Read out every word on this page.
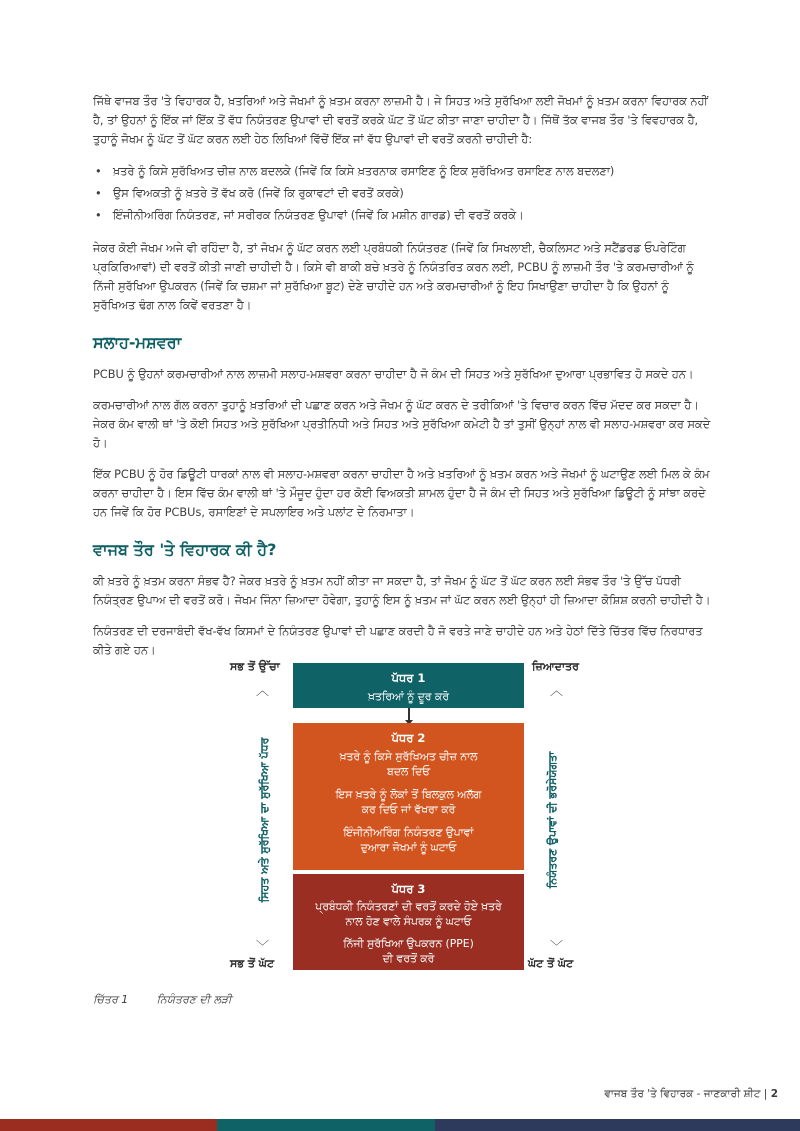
ਜਿੱਥੇ ਵਾਜਬ ਤੌਰ 'ਤੇ ਵਿਹਾਰਕ ਹੈ, ਖ਼ਤਰਿਆਂ ਅਤੇ ਜੋਖਮਾਂ ਨੂੰ ਖ਼ਤਮ ਕਰਨਾ ਲਾਜ਼ਮੀ ਹੈ। ਜੇ ਸਿਹਤ ਅਤੇ ਸੁਰੱਖਿਆ ਲਈ ਜੋਖਮਾਂ ਨੂੰ ਖ਼ਤਮ ਕਰਨਾ ਵਿਹਾਰਕ ਨਹੀਂ ਹੈ, ਤਾਂ ਉਹਨਾਂ ਨੂੰ ਇੱਕ ਜਾਂ ਇੱਕ ਤੋਂ ਵੱਧ ਨਿਯੰਤਰਣ ਉਪਾਵਾਂ ਦੀ ਵਰਤੋਂ ਕਰਕੇ ਘੱਟ ਤੋਂ ਘੱਟ ਕੀਤਾ ਜਾਣਾ ਚਾਹੀਦਾ ਹੈ। ਜਿੱਥੋਂ ਤੱਕ ਵਾਜਬ ਤੌਰ 'ਤੇ ਵਿਵਹਾਰਕ ਹੈ, ਤੁਹਾਨੂੰ ਜੋਖਮ ਨੂੰ ਘੱਟ ਤੋਂ ਘੱਟ ਕਰਨ ਲਈ ਹੇਠ ਲਿਖਿਆਂ ਵਿੱਚੋਂ ਇੱਕ ਜਾਂ ਵੱਧ ਉਪਾਵਾਂ ਦੀ ਵਰਤੋਂ ਕਰਨੀ ਚਾਹੀਦੀ ਹੈ:

• ਖ਼ਤਰੇ ਨੂੰ ਕਿਸੇ ਸੁਰੱਖਿਅਤ ਚੀਜ਼ ਨਾਲ ਬਦਲਕੇ (ਜਿਵੇਂ ਕਿ ਕਿਸੇ ਖ਼ਤਰਨਾਕ ਰਸਾਇਣ ਨੂੰ ਇਕ ਸੁਰੱਖਿਅਤ ਰਸਾਇਣ ਨਾਲ ਬਦਲਣਾ)
• ਉਸ ਵਿਅਕਤੀ ਨੂੰ ਖ਼ਤਰੇ ਤੋਂ ਵੱਖ ਕਰੋ (ਜਿਵੇਂ ਕਿ ਰੁਕਾਵਟਾਂ ਦੀ ਵਰਤੋਂ ਕਰਕੇ)
• ਇੰਜੀਨੀਅਰਿੰਗ ਨਿਯੰਤਰਣ, ਜਾਂ ਸਰੀਰਕ ਨਿਯੰਤਰਣ ਉਪਾਵਾਂ (ਜਿਵੇਂ ਕਿ ਮਸ਼ੀਨ ਗਾਰਡ) ਦੀ ਵਰਤੋਂ ਕਰਕੇ।

ਜੇਕਰ ਕੋਈ ਜੋਖਮ ਅਜੇ ਵੀ ਰਹਿੰਦਾ ਹੈ, ਤਾਂ ਜੋਖਮ ਨੂੰ ਘੱਟ ਕਰਨ ਲਈ ਪ੍ਰਬੰਧਕੀ ਨਿਯੰਤਰਣ (ਜਿਵੇਂ ਕਿ ਸਿਖਲਾਈ, ਚੈਕਲਿਸਟ ਅਤੇ ਸਟੈਂਡਰਡ ਓਪਰੇਟਿੰਗ ਪ੍ਰਕਿਰਿਆਵਾਂ) ਦੀ ਵਰਤੋਂ ਕੀਤੀ ਜਾਣੀ ਚਾਹੀਦੀ ਹੈ। ਕਿਸੇ ਵੀ ਬਾਕੀ ਬਚੇ ਖ਼ਤਰੇ ਨੂੰ ਨਿਯੰਤਰਿਤ ਕਰਨ ਲਈ, PCBU ਨੂੰ ਲਾਜ਼ਮੀ ਤੌਰ 'ਤੇ ਕਰਮਚਾਰੀਆਂ ਨੂੰ ਨਿੱਜੀ ਸੁਰੱਖਿਆ ਉਪਕਰਨ (ਜਿਵੇਂ ਕਿ ਚਸ਼ਮਾ ਜਾਂ ਸੁਰੱਖਿਆ ਬੂਟ) ਦੇਣੇ ਚਾਹੀਦੇ ਹਨ ਅਤੇ ਕਰਮਚਾਰੀਆਂ ਨੂੰ ਇਹ ਸਿਖਾਉਣਾ ਚਾਹੀਦਾ ਹੈ ਕਿ ਉਹਨਾਂ ਨੂੰ ਸੁਰੱਖਿਅਤ ਢੰਗ ਨਾਲ ਕਿਵੇਂ ਵਰਤਣਾ ਹੈ।

ਸਲਾਹ-ਮਸ਼ਵਰਾ

PCBU ਨੂੰ ਉਹਨਾਂ ਕਰਮਚਾਰੀਆਂ ਨਾਲ ਲਾਜ਼ਮੀ ਸਲਾਹ-ਮਸ਼ਵਰਾ ਕਰਨਾ ਚਾਹੀਦਾ ਹੈ ਜੋ ਕੰਮ ਦੀ ਸਿਹਤ ਅਤੇ ਸੁਰੱਖਿਆ ਦੁਆਰਾ ਪ੍ਰਭਾਵਿਤ ਹੋ ਸਕਦੇ ਹਨ।

ਕਰਮਚਾਰੀਆਂ ਨਾਲ ਗੱਲ ਕਰਨਾ ਤੁਹਾਨੂੰ ਖ਼ਤਰਿਆਂ ਦੀ ਪਛਾਣ ਕਰਨ ਅਤੇ ਜੋਖਮ ਨੂੰ ਘੱਟ ਕਰਨ ਦੇ ਤਰੀਕਿਆਂ 'ਤੇ ਵਿਚਾਰ ਕਰਨ ਵਿੱਚ ਮੱਦਦ ਕਰ ਸਕਦਾ ਹੈ। ਜੇਕਰ ਕੰਮ ਵਾਲੀ ਥਾਂ 'ਤੇ ਕੋਈ ਸਿਹਤ ਅਤੇ ਸੁਰੱਖਿਆ ਪ੍ਰਤੀਨਿਧੀ ਅਤੇ ਸਿਹਤ ਅਤੇ ਸੁਰੱਖਿਆ ਕਮੇਟੀ ਹੈ ਤਾਂ ਤੁਸੀਂ ਉਨ੍ਹਾਂ ਨਾਲ ਵੀ ਸਲਾਹ-ਮਸ਼ਵਰਾ ਕਰ ਸਕਦੇ ਹੋ।

ਇੱਕ PCBU ਨੂੰ ਹੋਰ ਡਿਊਟੀ ਧਾਰਕਾਂ ਨਾਲ ਵੀ ਸਲਾਹ-ਮਸ਼ਵਰਾ ਕਰਨਾ ਚਾਹੀਦਾ ਹੈ ਅਤੇ ਖ਼ਤਰਿਆਂ ਨੂੰ ਖ਼ਤਮ ਕਰਨ ਅਤੇ ਜੋਖਮਾਂ ਨੂੰ ਘਟਾਉਣ ਲਈ ਮਿਲ ਕੇ ਕੰਮ ਕਰਨਾ ਚਾਹੀਦਾ ਹੈ। ਇਸ ਵਿੱਚ ਕੰਮ ਵਾਲੀ ਥਾਂ 'ਤੇ ਮੌਜੂਦ ਹੁੰਦਾ ਹਰ ਕੋਈ ਵਿਅਕਤੀ ਸ਼ਾਮਲ ਹੁੰਦਾ ਹੈ ਜੋ ਕੰਮ ਦੀ ਸਿਹਤ ਅਤੇ ਸੁਰੱਖਿਆ ਡਿਊਟੀ ਨੂੰ ਸਾਂਝਾ ਕਰਦੇ ਹਨ ਜਿਵੇਂ ਕਿ ਹੋਰ PCBUs, ਰਸਾਇਣਾਂ ਦੇ ਸਪਲਾਇਰ ਅਤੇ ਪਲਾਂਟ ਦੇ ਨਿਰਮਾਤਾ।

ਵਾਜਬ ਤੌਰ 'ਤੇ ਵਿਹਾਰਕ ਕੀ ਹੈ?

ਕੀ ਖ਼ਤਰੇ ਨੂੰ ਖ਼ਤਮ ਕਰਨਾ ਸੰਭਵ ਹੈ? ਜੇਕਰ ਖ਼ਤਰੇ ਨੂੰ ਖ਼ਤਮ ਨਹੀਂ ਕੀਤਾ ਜਾ ਸਕਦਾ ਹੈ, ਤਾਂ ਜੋਖਮ ਨੂੰ ਘੱਟ ਤੋਂ ਘੱਟ ਕਰਨ ਲਈ ਸੰਭਵ ਤੌਰ 'ਤੇ ਉੱਚ ਪੱਧਰੀ ਨਿਯੰਤ੍ਰਣ ਉਪਾਅ ਦੀ ਵਰਤੋਂ ਕਰੋ। ਜੋਖਮ ਜਿੰਨਾ ਜ਼ਿਆਦਾ ਹੋਵੇਗਾ, ਤੁਹਾਨੂੰ ਇਸ ਨੂੰ ਖ਼ਤਮ ਜਾਂ ਘੱਟ ਕਰਨ ਲਈ ਉਨ੍ਹਾਂ ਹੀ ਜ਼ਿਆਦਾ ਕੋਸ਼ਿਸ਼ ਕਰਨੀ ਚਾਹੀਦੀ ਹੈ।

ਨਿਯੰਤਰਣ ਦੀ ਦਰਜਾਬੰਦੀ ਵੱਖ-ਵੱਖ ਕਿਸਮਾਂ ਦੇ ਨਿਯੰਤਰਣ ਉਪਾਵਾਂ ਦੀ ਪਛਾਣ ਕਰਦੀ ਹੈ ਜੋ ਵਰਤੇ ਜਾਣੇ ਚਾਹੀਦੇ ਹਨ ਅਤੇ ਹੇਠਾਂ ਦਿੱਤੇ ਚਿੱਤਰ ਵਿੱਚ ਨਿਰਧਾਰਤ ਕੀਤੇ ਗਏ ਹਨ।

ਸਭ ਤੋਂ ਉੱਚਾ	ਜ਼ਿਆਦਾਤਰ
︿	︿
ਸਿਹਤ ਅਤੇ ਸੁਰੱਖਿਆ ਦਾ ਸੁਰੱਖਿਆ ਪੱਧਰ	ਨਿਯੰਤਰਣ ਉਪਾਵਾਂ ਦੀ ਭਰੋਸੇਯੋਗਤਾ
ਪੱਧਰ 1
ਖ਼ਤਰਿਆਂ ਨੂੰ ਦੂਰ ਕਰੋ
ਪੱਧਰ 2
ਖ਼ਤਰੇ ਨੂੰ ਕਿਸੇ ਸੁਰੱਖਿਅਤ ਚੀਜ਼ ਨਾਲ
ਬਦਲ ਦਿਓ
ਇਸ ਖ਼ਤਰੇ ਨੂੰ ਲੋਕਾਂ ਤੋਂ ਬਿਲਕੁਲ ਅਲੱਗ
ਕਰ ਦਿਓ ਜਾਂ ਵੱਖਰਾ ਕਰੋ
ਇੰਜੀਨੀਅਰਿੰਗ ਨਿਯੰਤਰਣ ਉਪਾਵਾਂ
ਦੁਆਰਾ ਜੋਖਮਾਂ ਨੂੰ ਘਟਾਓ
ਪੱਧਰ 3
ਪ੍ਰਬੰਧਕੀ ਨਿਯੰਤਰਣਾਂ ਦੀ ਵਰਤੋਂ ਕਰਦੇ ਹੋਏ ਖ਼ਤਰੇ
ਨਾਲ ਹੋਣ ਵਾਲੇ ਸੰਪਰਕ ਨੂੰ ਘਟਾਓ
ਨਿੱਜੀ ਸੁਰੱਖਿਆ ਉਪਕਰਨ (PPE)
ਦੀ ਵਰਤੋਂ ਕਰੋ
﹀	﹀
ਸਭ ਤੋਂ ਘੱਟ	ਘੱਟ ਤੋਂ ਘੱਟ
ਚਿੱਤਰ 1	ਨਿਯੰਤਰਣ ਦੀ ਲੜੀ
ਵਾਜਬ ਤੌਰ 'ਤੇ ਵਿਹਾਰਕ - ਜਾਣਕਾਰੀ ਸ਼ੀਟ | 2
